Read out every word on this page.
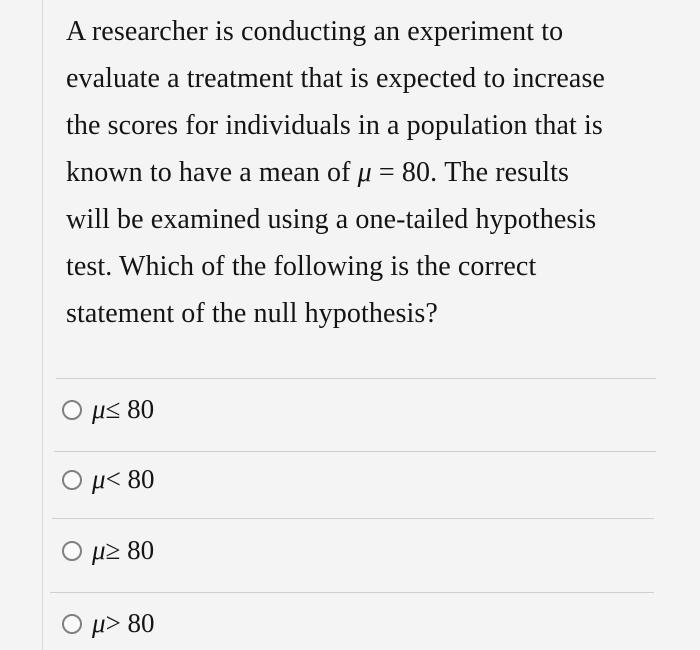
A researcher is conducting an experiment to
evaluate a treatment that is expected to increase
the scores for individuals in a population that is
known to have a mean of μ = 80. The results
will be examined using a one-tailed hypothesis
test. Which of the following is the correct
statement of the null hypothesis?
μ≤ 80
μ< 80
μ≥ 80
μ> 80
